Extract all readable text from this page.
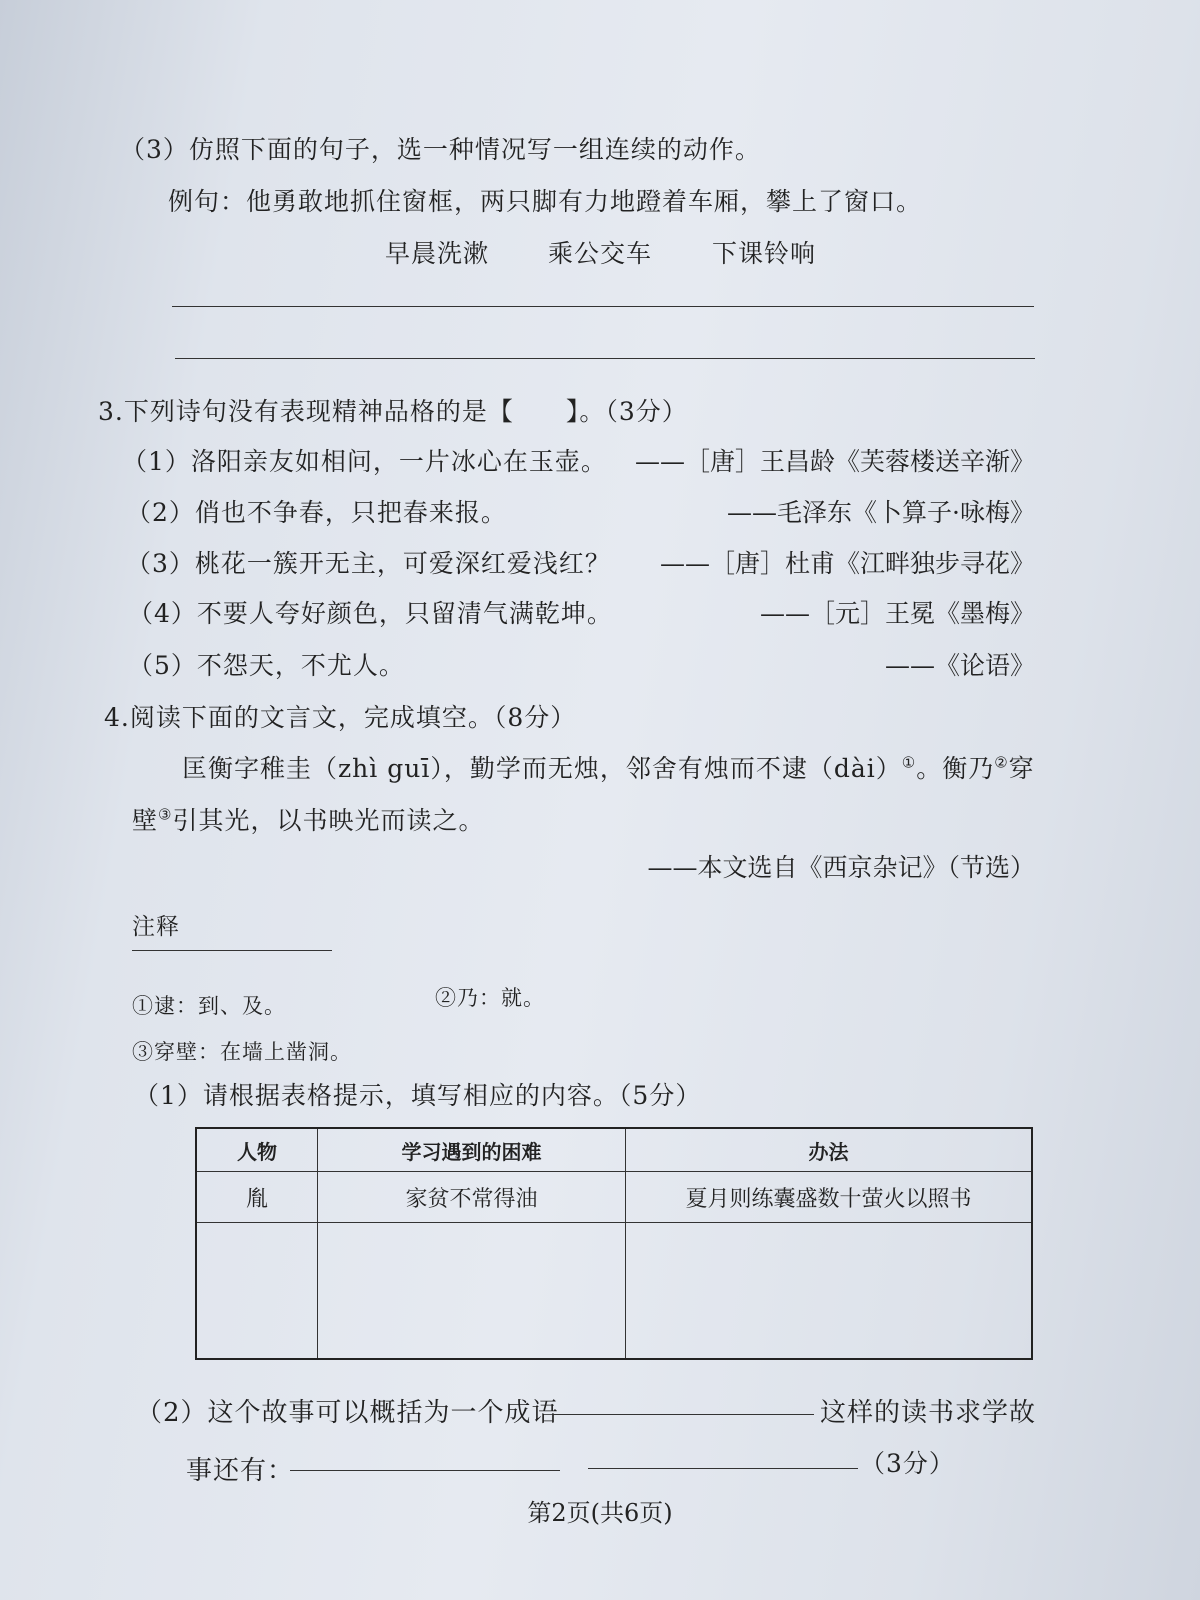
（3）仿照下面的句子，选一种情况写一组连续的动作。
例句：他勇敢地抓住窗框，两只脚有力地蹬着车厢，攀上了窗口。
早晨洗漱 乘公交车 下课铃响
3.下列诗句没有表现精神品格的是【　　】。（3分）
（1）洛阳亲友如相问，一片冰心在玉壶。 ——［唐］王昌龄《芙蓉楼送辛渐》
（2）俏也不争春，只把春来报。	——毛泽东《卜算子·咏梅》
（3）桃花一簇开无主，可爱深红爱浅红？ ——［唐］杜甫《江畔独步寻花》
（4）不要人夸好颜色，只留清气满乾坤。	——［元］王冕《墨梅》
（5）不怨天，不尤人。	——《论语》
4.阅读下面的文言文，完成填空。（8分）
匡衡字稚圭（zhì guī），勤学而无烛，邻舍有烛而不逮（dài）①。衡乃②穿
壁③引其光，以书映光而读之。
——本文选自《西京杂记》（节选）
注释
①逮：到、及。	②乃：就。
③穿壁：在墙上凿洞。
（1）请根据表格提示，填写相应的内容。（5分）
人物	学习遇到的困难	办法
胤	家贫不常得油	夏月则练囊盛数十萤火以照书

（2）这个故事可以概括为一个成语	这样的读书求学故
事还有：	（3分）
第2页(共6页)
